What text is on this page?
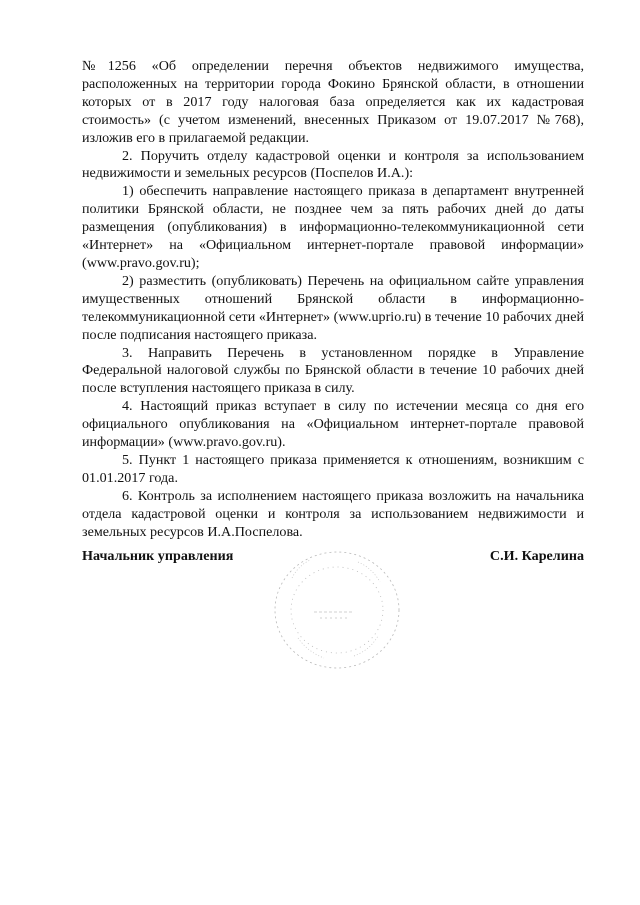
№1256 «Об определении перечня объектов недвижимого имущества, расположенных на территории города Фокино Брянской области, в отношении которых от в 2017 году налоговая база определяется как их кадастровая стоимость» (с учетом изменений, внесенных Приказом от 19.07.2017 №768), изложив его в прилагаемой редакции.

2. Поручить отделу кадастровой оценки и контроля за использованием недвижимости и земельных ресурсов (Поспелов И.А.):

1) обеспечить направление настоящего приказа в департамент внутренней политики Брянской области, не позднее чем за пять рабочих дней до даты размещения (опубликования) в информационно-телекоммуникационной сети «Интернет» на «Официальном интернет-портале правовой информации» (www.pravo.gov.ru);

2) разместить (опубликовать) Перечень на официальном сайте управления имущественных отношений Брянской области в информационно-телекоммуникационной сети «Интернет» (www.uprio.ru) в течение 10 рабочих дней после подписания настоящего приказа.

3. Направить Перечень в установленном порядке в Управление Федеральной налоговой службы по Брянской области в течение 10 рабочих дней после вступления настоящего приказа в силу.

4. Настоящий приказ вступает в силу по истечении месяца со дня его официального опубликования на «Официальном интернет-портале правовой информации» (www.pravo.gov.ru).

5. Пункт 1 настоящего приказа применяется к отношениям, возникшим с 01.01.2017 года.

6. Контроль за исполнением настоящего приказа возложить на начальника отдела кадастровой оценки и контроля за использованием недвижимости и земельных ресурсов И.А.Поспелова.

Начальник управления	С.И. Карелина
